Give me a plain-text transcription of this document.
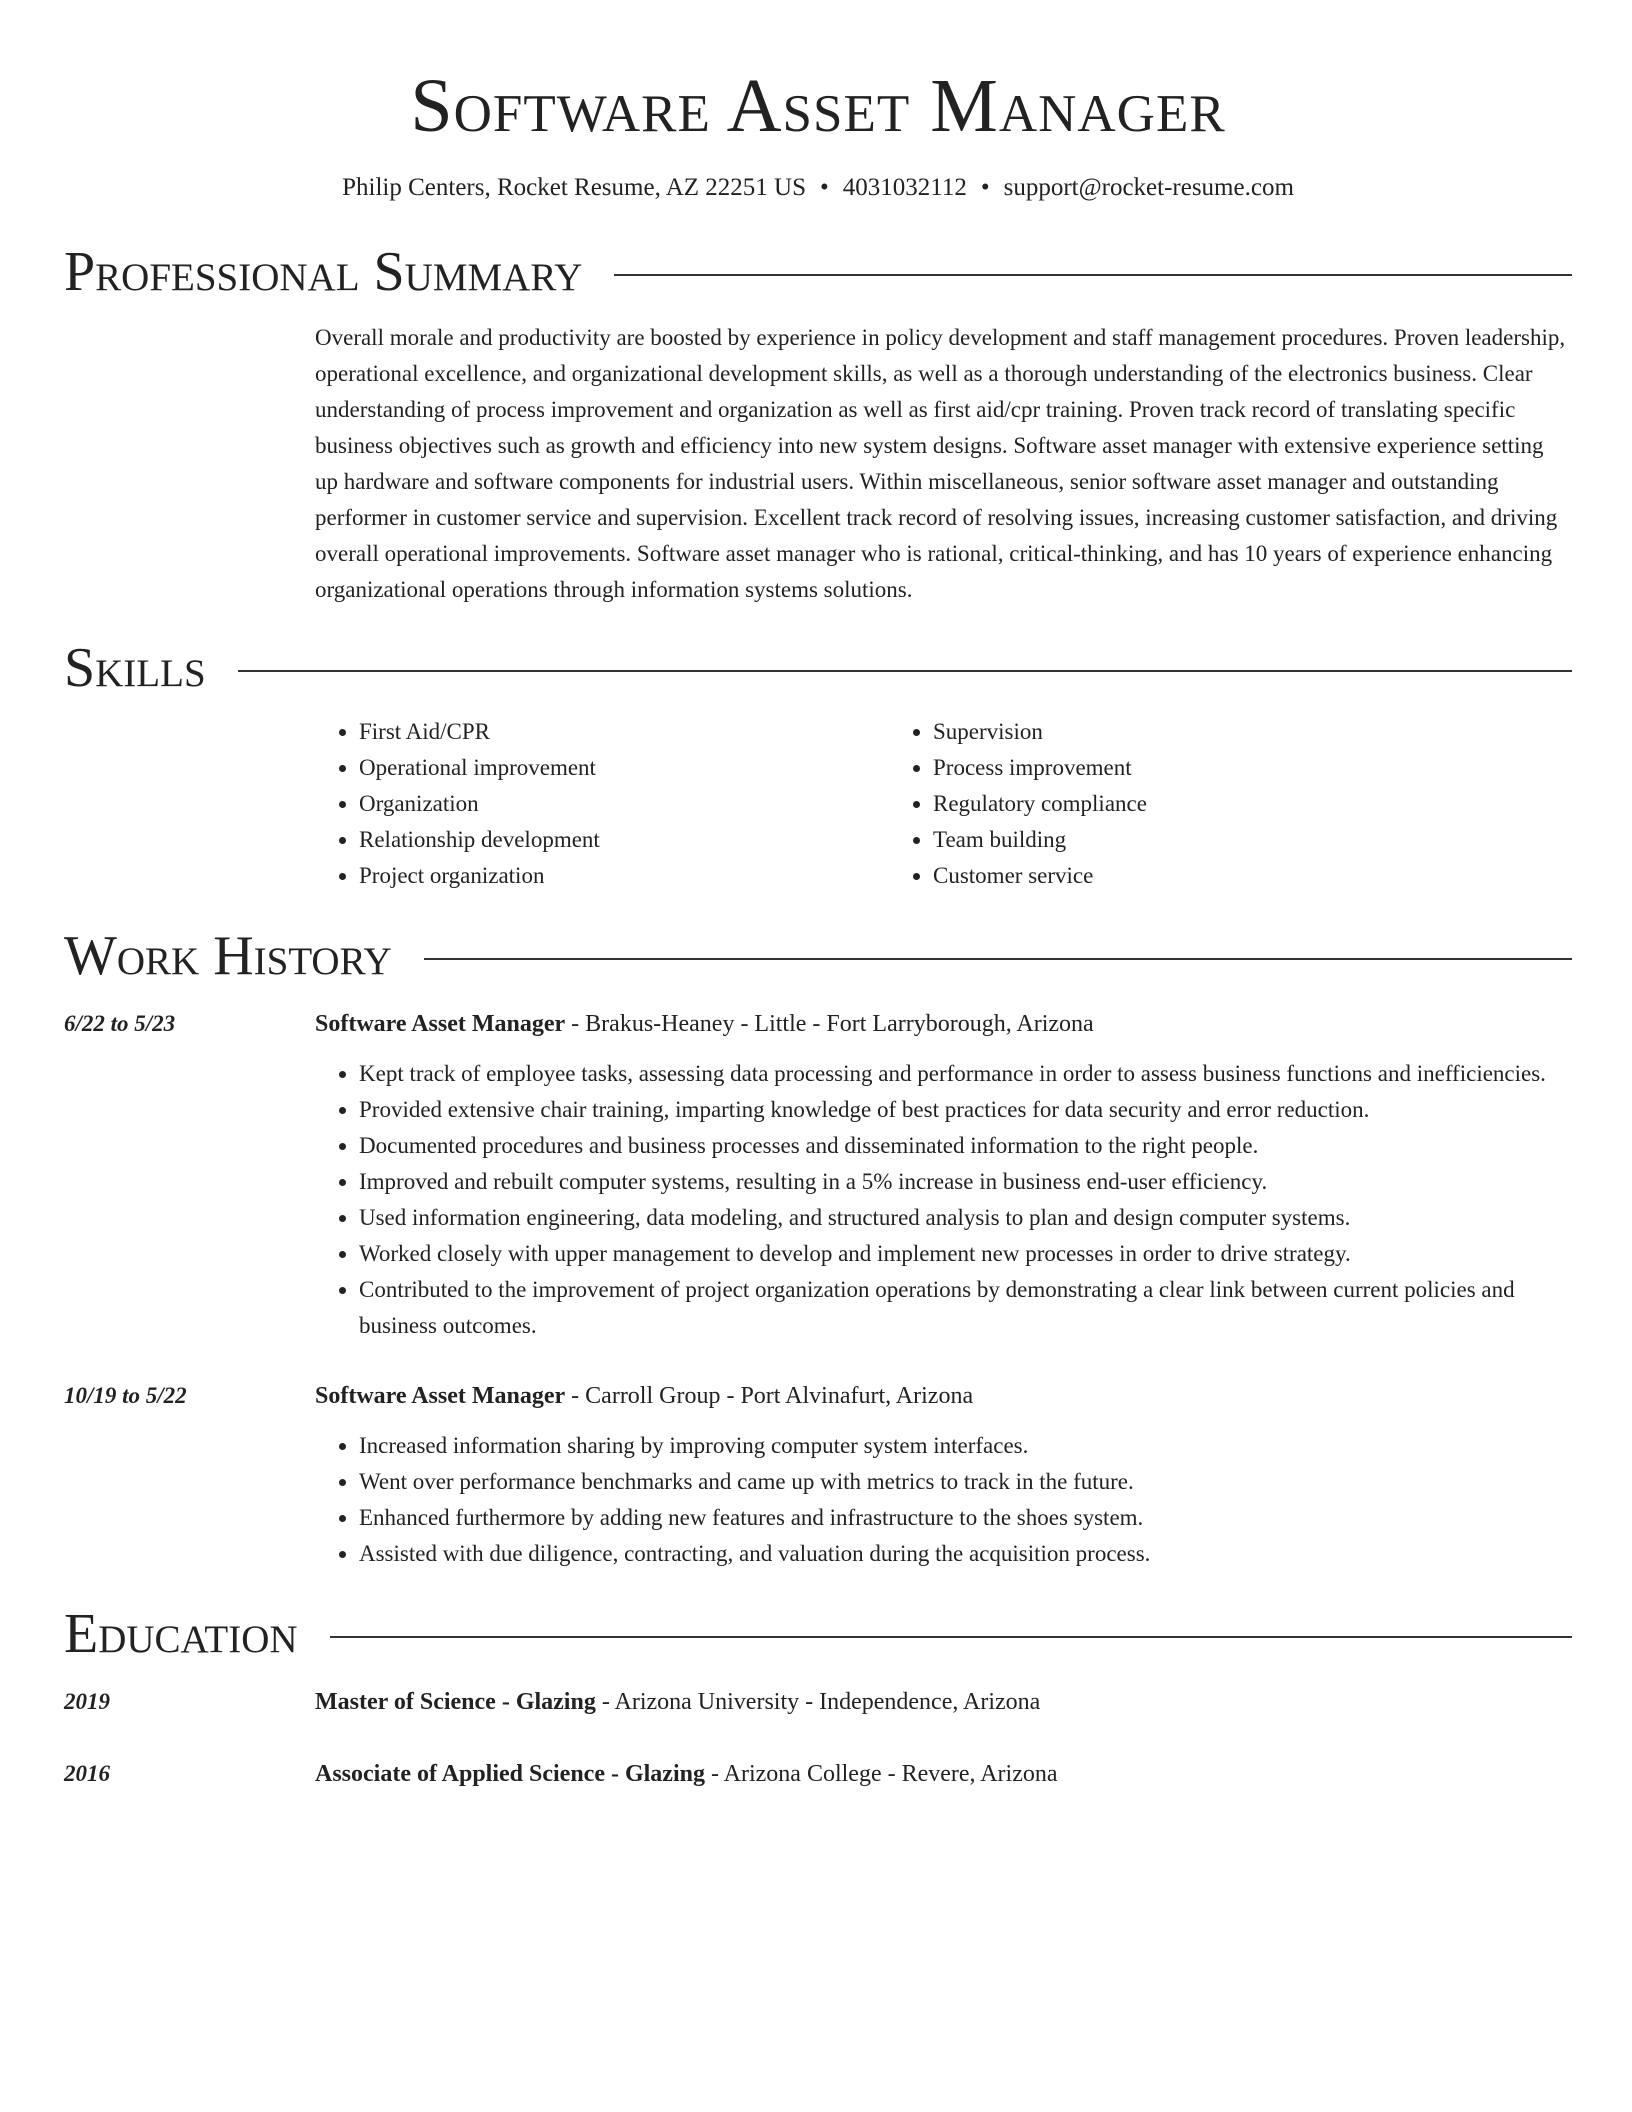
Software Asset Manager
Philip Centers, Rocket Resume, AZ 22251 US • 4031032112 • support@rocket-resume.com
Professional Summary

Overall morale and productivity are boosted by experience in policy development and staff management procedures. Proven leadership, operational excellence, and organizational development skills, as well as a thorough understanding of the electronics business. Clear understanding of process improvement and organization as well as first aid/cpr training. Proven track record of translating specific business objectives such as growth and efficiency into new system designs. Software asset manager with extensive experience setting up hardware and software components for industrial users. Within miscellaneous, senior software asset manager and outstanding performer in customer service and supervision. Excellent track record of resolving issues, increasing customer satisfaction, and driving overall operational improvements. Software asset manager who is rational, critical-thinking, and has 10 years of experience enhancing organizational operations through information systems solutions.

Skills
• First Aid/CPR
• Operational improvement
• Organization
• Relationship development
• Project organization
• Supervision
• Process improvement
• Regulatory compliance
• Team building
• Customer service
Work History
6/22 to 5/23	Software Asset Manager - Brakus-Heaney - Little - Fort Larryborough, Arizona
• Kept track of employee tasks, assessing data processing and performance in order to assess business functions and inefficiencies.
• Provided extensive chair training, imparting knowledge of best practices for data security and error reduction.
• Documented procedures and business processes and disseminated information to the right people.
• Improved and rebuilt computer systems, resulting in a 5% increase in business end-user efficiency.
• Used information engineering, data modeling, and structured analysis to plan and design computer systems.
• Worked closely with upper management to develop and implement new processes in order to drive strategy.
• Contributed to the improvement of project organization operations by demonstrating a clear link between current policies and business outcomes.
10/19 to 5/22	Software Asset Manager - Carroll Group - Port Alvinafurt, Arizona
• Increased information sharing by improving computer system interfaces.
• Went over performance benchmarks and came up with metrics to track in the future.
• Enhanced furthermore by adding new features and infrastructure to the shoes system.
• Assisted with due diligence, contracting, and valuation during the acquisition process.
Education
2019	Master of Science - Glazing - Arizona University - Independence, Arizona
2016	Associate of Applied Science - Glazing - Arizona College - Revere, Arizona
